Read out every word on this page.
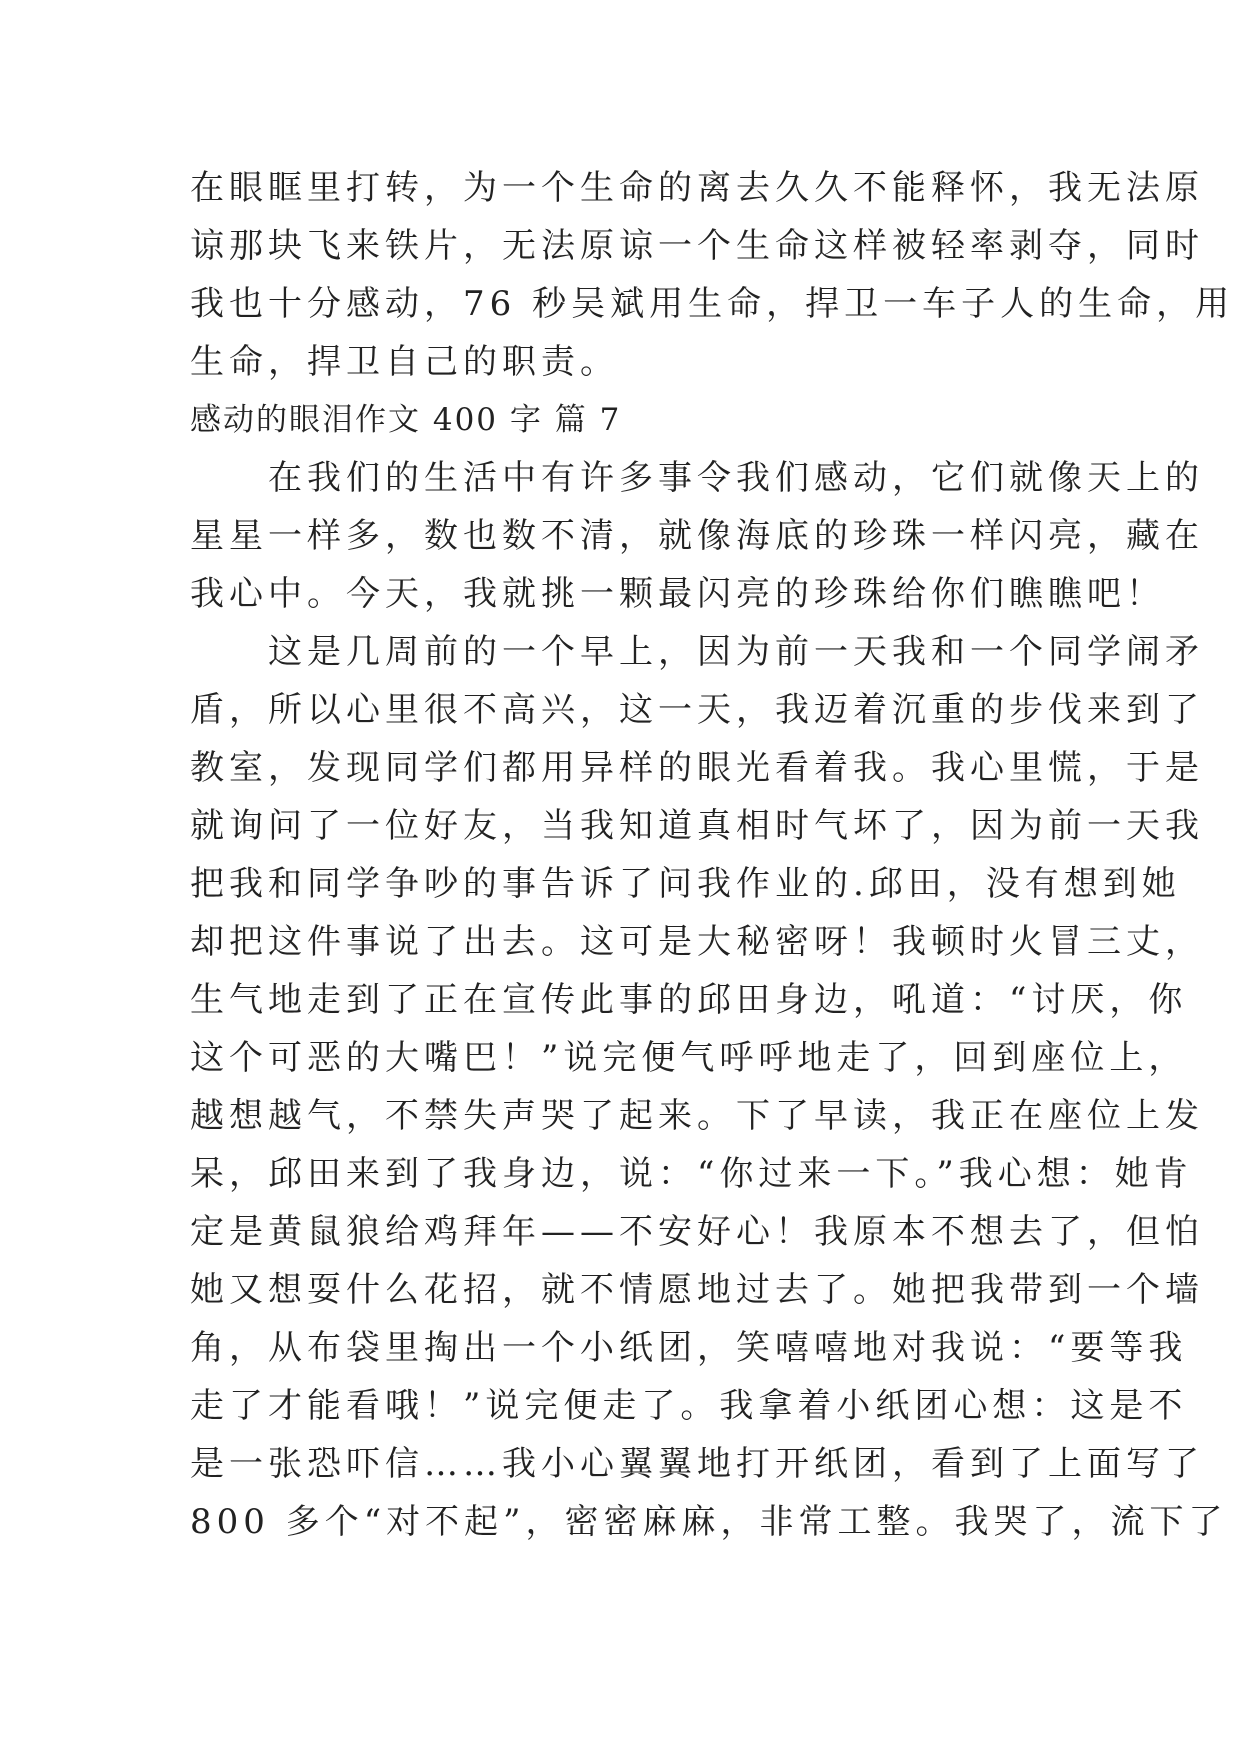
在眼眶里打转，为一个生命的离去久久不能释怀，我无法原
谅那块飞来铁片，无法原谅一个生命这样被轻率剥夺，同时
我也十分感动，76 秒吴斌用生命，捍卫一车子人的生命，用
生命，捍卫自己的职责。
感动的眼泪作文 400 字 篇 7
　　在我们的生活中有许多事令我们感动，它们就像天上的
星星一样多，数也数不清，就像海底的珍珠一样闪亮，藏在
我心中。今天，我就挑一颗最闪亮的珍珠给你们瞧瞧吧！
　　这是几周前的一个早上，因为前一天我和一个同学闹矛
盾，所以心里很不高兴，这一天，我迈着沉重的步伐来到了
教室，发现同学们都用异样的眼光看着我。我心里慌，于是
就询问了一位好友，当我知道真相时气坏了，因为前一天我
把我和同学争吵的事告诉了问我作业的.邱田，没有想到她
却把这件事说了出去。这可是大秘密呀！我顿时火冒三丈，
生气地走到了正在宣传此事的邱田身边，吼道：“讨厌，你
这个可恶的大嘴巴！”说完便气呼呼地走了，回到座位上，
越想越气，不禁失声哭了起来。下了早读，我正在座位上发
呆，邱田来到了我身边，说：“你过来一下。”我心想：她肯
定是黄鼠狼给鸡拜年——不安好心！我原本不想去了，但怕
她又想耍什么花招，就不情愿地过去了。她把我带到一个墙
角，从布袋里掏出一个小纸团，笑嘻嘻地对我说：“要等我
走了才能看哦！”说完便走了。我拿着小纸团心想：这是不
是一张恐吓信……我小心翼翼地打开纸团，看到了上面写了
800 多个“对不起”，密密麻麻，非常工整。我哭了，流下了
